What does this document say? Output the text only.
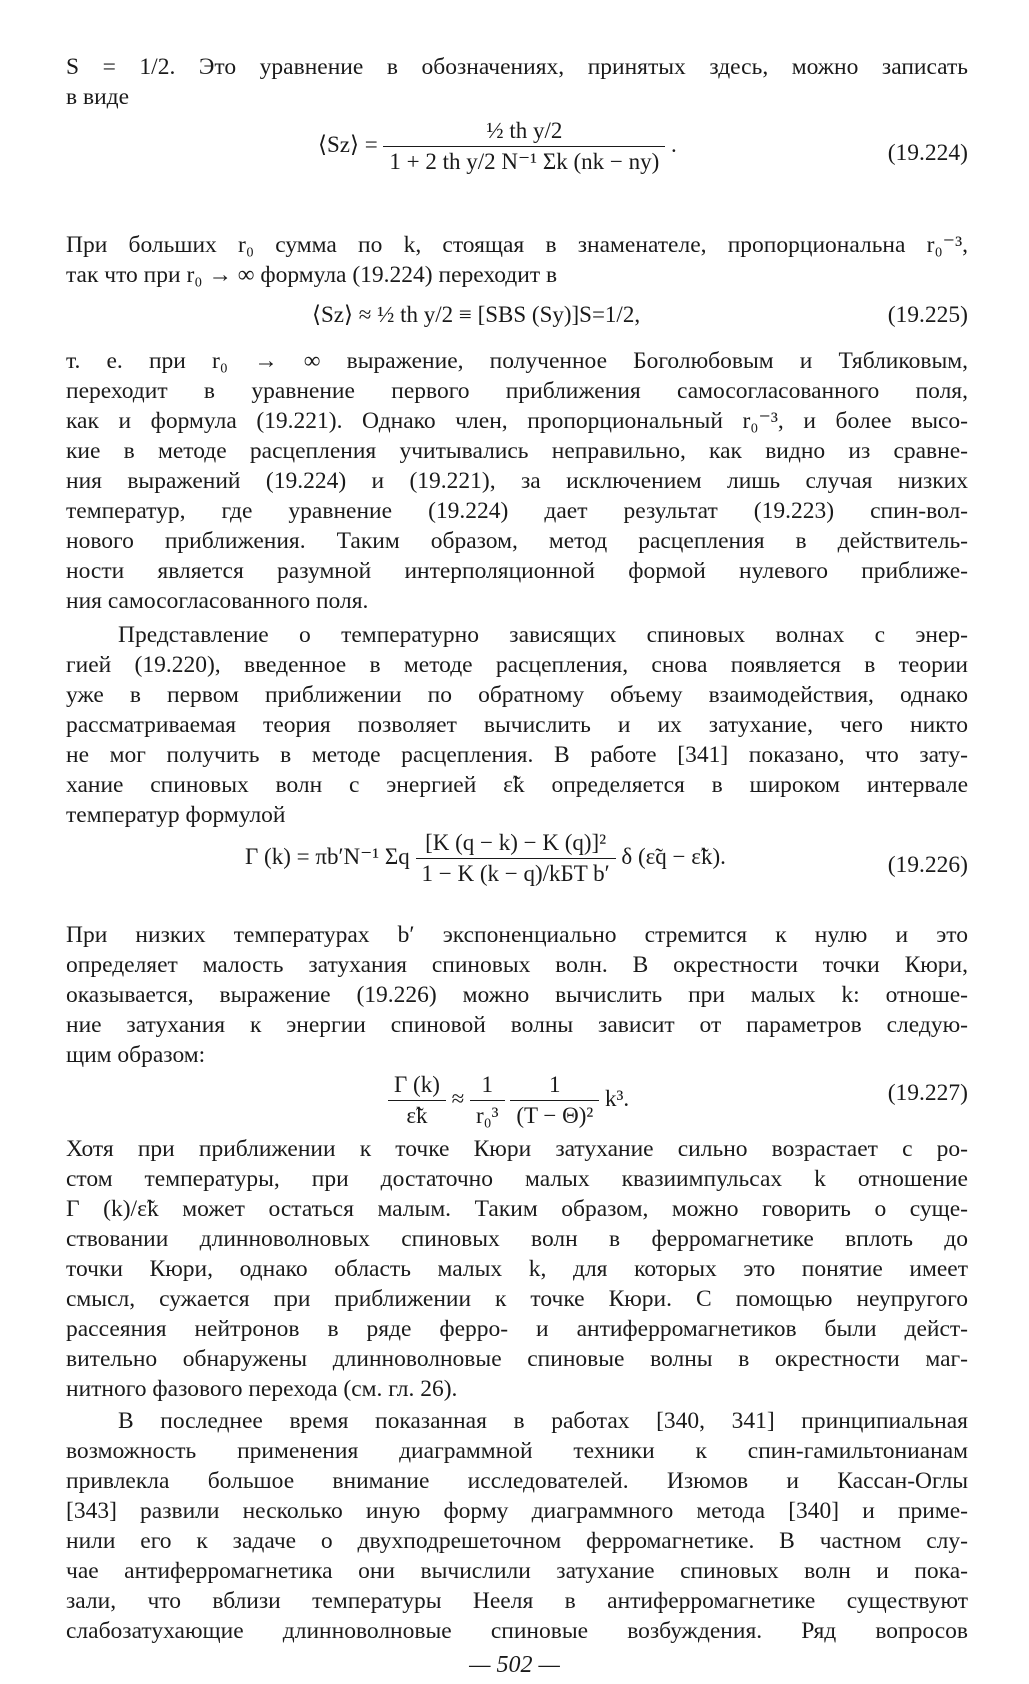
S = 1/2. Это уравнение в обозначениях, принятых здесь, можно записать
в виде
⟨Sz⟩ = $\frac{\text{½ th y/2}}{\text{1 + 2 th y/2 N⁻¹ Σk (nk − ny)}}$ .	(19.224)
При больших r₀ сумма по k, стоящая в знаменателе, пропорциональна r₀⁻³,
так что при r₀ → ∞ формула (19.224) переходит в
⟨Sz⟩ ≈ ½ th y/2 ≡ [SBS (Sy)]S=1/2,	(19.225)
т. е. при r₀ → ∞ выражение, полученное Боголюбовым и Тябликовым,
переходит в уравнение первого приближения самосогласованного поля,
как и формула (19.221). Однако член, пропорциональный r₀⁻³, и более высо-
кие в методе расцепления учитывались неправильно, как видно из сравне-
ния выражений (19.224) и (19.221), за исключением лишь случая низких
температур, где уравнение (19.224) дает результат (19.223) спин-вол-
нового приближения. Таким образом, метод расцепления в действитель-
ности является разумной интерполяционной формой нулевого приближе-
ния самосогласованного поля.
Представление о температурно зависящих спиновых волнах с энер-
гией (19.220), введенное в методе расцепления, снова появляется в теории
уже в первом приближении по обратному объему взаимодействия, однако
рассматриваемая теория позволяет вычислить и их затухание, чего никто
не мог получить в методе расцепления. В работе [341] показано, что зату-
хание спиновых волн с энергией ε̃k определяется в широком интервале
температур формулой
Γ (k) = πb′N⁻¹ Σq $\frac{\text{[K (q − k) − K (q)]²}}{\text{1 − K (k − q)/kБT b′}}$ δ (ε̃q − ε̃k).	(19.226)
При низких температурах b′ экспоненциально стремится к нулю и это
определяет малость затухания спиновых волн. В окрестности точки Кюри,
оказывается, выражение (19.226) можно вычислить при малых k: отноше-
ние затухания к энергии спиновой волны зависит от параметров следую-
щим образом:
$\frac{\Gamma (k)}{\varepsiloñk} \approx \frac{1}{\text{r₀³}}$
$\frac{1}{\text{(T − Θ)²}} k^3$.	(19.227)
Хотя при приближении к точке Кюри затухание сильно возрастает с ро-
стом температуры, при достаточно малых квазиимпульсах k отношение
Γ (k)/ε̃k может остаться малым. Таким образом, можно говорить о суще-
ствовании длинноволновых спиновых волн в ферромагнетике вплоть до
точки Кюри, однако область малых k, для которых это понятие имеет
смысл, сужается при приближении к точке Кюри. С помощью неупругого
рассеяния нейтронов в ряде ферро- и антиферромагнетиков были дейст-
вительно обнаружены длинноволновые спиновые волны в окрестности маг-
нитного фазового перехода (см. гл. 26).
В последнее время показанная в работах [340, 341] принципиальная
возможность применения диаграммной техники к спин-гамильтонианам
привлекла большое внимание исследователей. Изюмов и Кассан-Оглы
[343] развили несколько иную форму диаграммного метода [340] и приме-
нили его к задаче о двухподрешеточном ферромагнетике. В частном слу-
чае антиферромагнетика они вычислили затухание спиновых волн и пока-
зали, что вблизи температуры Нееля в антиферромагнетике существуют
слабозатухающие длинноволновые спиновые возбуждения. Ряд вопросов
— 502 —
